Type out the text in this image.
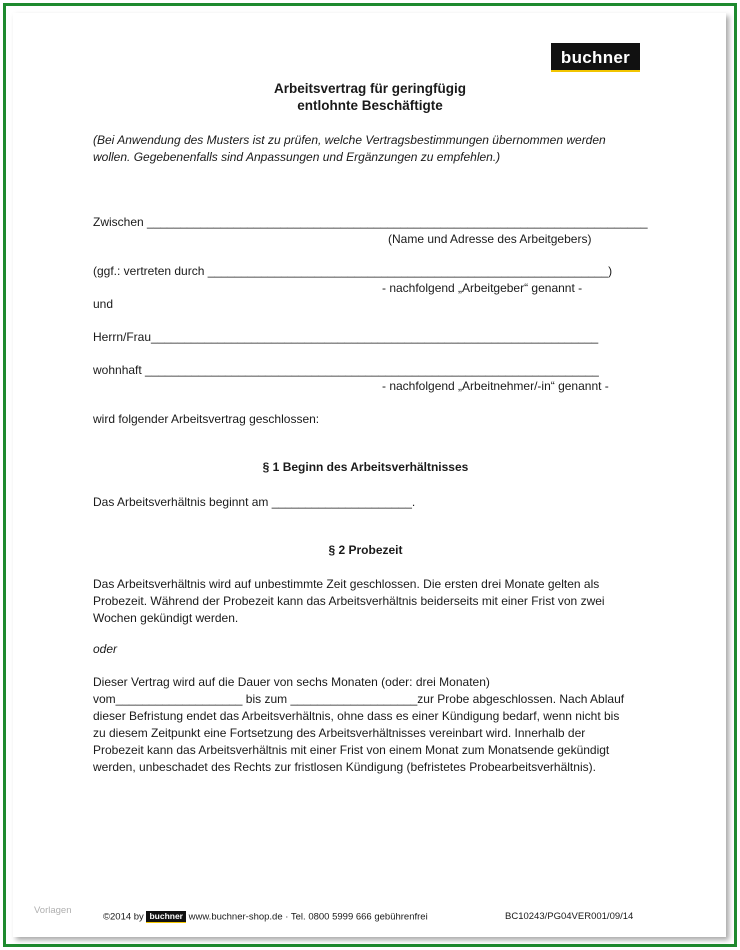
buchner
Arbeitsvertrag für geringfügig
entlohnte Beschäftigte
(Bei Anwendung des Musters ist zu prüfen, welche Vertragsbestimmungen übernommen werden
wollen. Gegebenenfalls sind Anpassungen und Ergänzungen zu empfehlen.)
Zwischen ___________________________________________________________________________
(Name und Adresse des Arbeitgebers)
(ggf.: vertreten durch ____________________________________________________________)
- nachfolgend „Arbeitgeber“ genannt -
und
Herrn/Frau___________________________________________________________________
wohnhaft ____________________________________________________________________
- nachfolgend „Arbeitnehmer/-in“ genannt -
wird folgender Arbeitsvertrag geschlossen:
§ 1 Beginn des Arbeitsverhältnisses
Das Arbeitsverhältnis beginnt am _____________________.
§ 2 Probezeit
Das Arbeitsverhältnis wird auf unbestimmte Zeit geschlossen. Die ersten drei Monate gelten als
Probezeit. Während der Probezeit kann das Arbeitsverhältnis beiderseits mit einer Frist von zwei
Wochen gekündigt werden.
oder
Dieser Vertrag wird auf die Dauer von sechs Monaten (oder: drei Monaten)
vom___________________ bis zum ___________________zur Probe abgeschlossen. Nach Ablauf
dieser Befristung endet das Arbeitsverhältnis, ohne dass es einer Kündigung bedarf, wenn nicht bis
zu diesem Zeitpunkt eine Fortsetzung des Arbeitsverhältnisses vereinbart wird. Innerhalb der
Probezeit kann das Arbeitsverhältnis mit einer Frist von einem Monat zum Monatsende gekündigt
werden, unbeschadet des Rechts zur fristlosen Kündigung (befristetes Probearbeitsverhältnis).
Vorlagen
©2014 by buchner www.buchner-shop.de · Tel. 0800 5999 666 gebührenfrei	BC10243/PG04VER001/09/14
